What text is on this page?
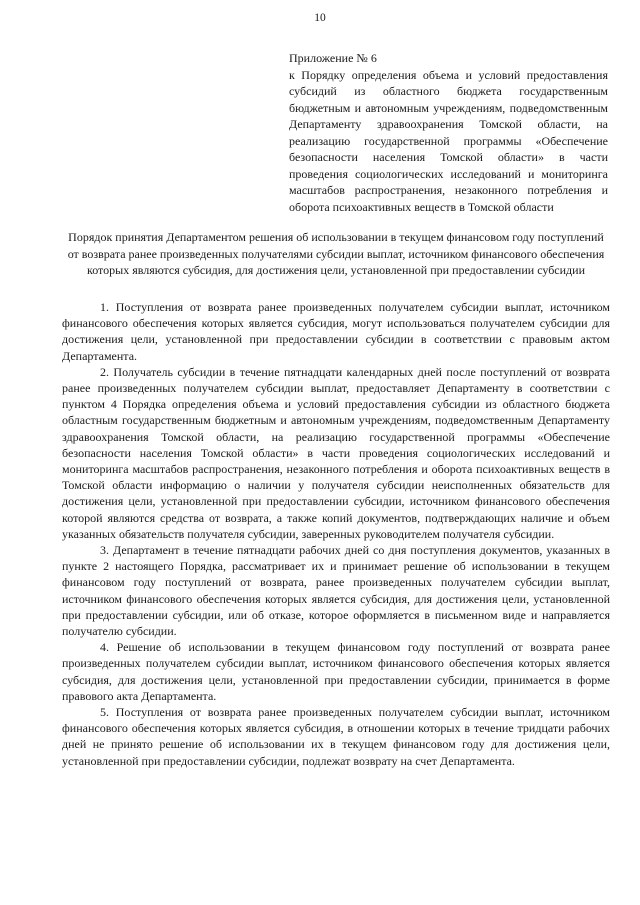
10
Приложение № 6
к Порядку определения объема и условий предоставления субсидий из областного бюджета государственным бюджетным и автономным учреждениям, подведомственным Департаменту здравоохранения Томской области, на реализацию государственной программы «Обеспечение безопасности населения Томской области» в части проведения социологических исследований и мониторинга масштабов распространения, незаконного потребления и оборота психоактивных веществ в Томской области
Порядок принятия Департаментом решения об использовании в текущем финансовом году поступлений от возврата ранее произведенных получателями субсидии выплат, источником финансового обеспечения которых являются субсидия, для достижения цели, установленной при предоставлении субсидии

1. Поступления от возврата ранее произведенных получателем субсидии выплат, источником финансового обеспечения которых является субсидия, могут использоваться получателем субсидии для достижения цели, установленной при предоставлении субсидии в соответствии с правовым актом Департамента.

2. Получатель субсидии в течение пятнадцати календарных дней после поступлений от возврата ранее произведенных получателем субсидии выплат, предоставляет Департаменту в соответствии с пунктом 4 Порядка определения объема и условий предоставления субсидии из областного бюджета областным государственным бюджетным и автономным учреждениям, подведомственным Департаменту здравоохранения Томской области, на реализацию государственной программы «Обеспечение безопасности населения Томской области» в части проведения социологических исследований и мониторинга масштабов распространения, незаконного потребления и оборота психоактивных веществ в Томской области информацию о наличии у получателя субсидии неисполненных обязательств для достижения цели, установленной при предоставлении субсидии, источником финансового обеспечения которой являются средства от возврата, а также копий документов, подтверждающих наличие и объем указанных обязательств получателя субсидии, заверенных руководителем получателя субсидии.

3. Департамент в течение пятнадцати рабочих дней со дня поступления документов, указанных в пункте 2 настоящего Порядка, рассматривает их и принимает решение об использовании в текущем финансовом году поступлений от возврата, ранее произведенных получателем субсидии выплат, источником финансового обеспечения которых является субсидия, для достижения цели, установленной при предоставлении субсидии, или об отказе, которое оформляется в письменном виде и направляется получателю субсидии.

4. Решение об использовании в текущем финансовом году поступлений от возврата ранее произведенных получателем субсидии выплат, источником финансового обеспечения которых является субсидия, для достижения цели, установленной при предоставлении субсидии, принимается в форме правового акта Департамента.

5. Поступления от возврата ранее произведенных получателем субсидии выплат, источником финансового обеспечения которых является субсидия, в отношении которых в течение тридцати рабочих дней не принято решение об использовании их в текущем финансовом году для достижения цели, установленной при предоставлении субсидии, подлежат возврату на счет Департамента.
